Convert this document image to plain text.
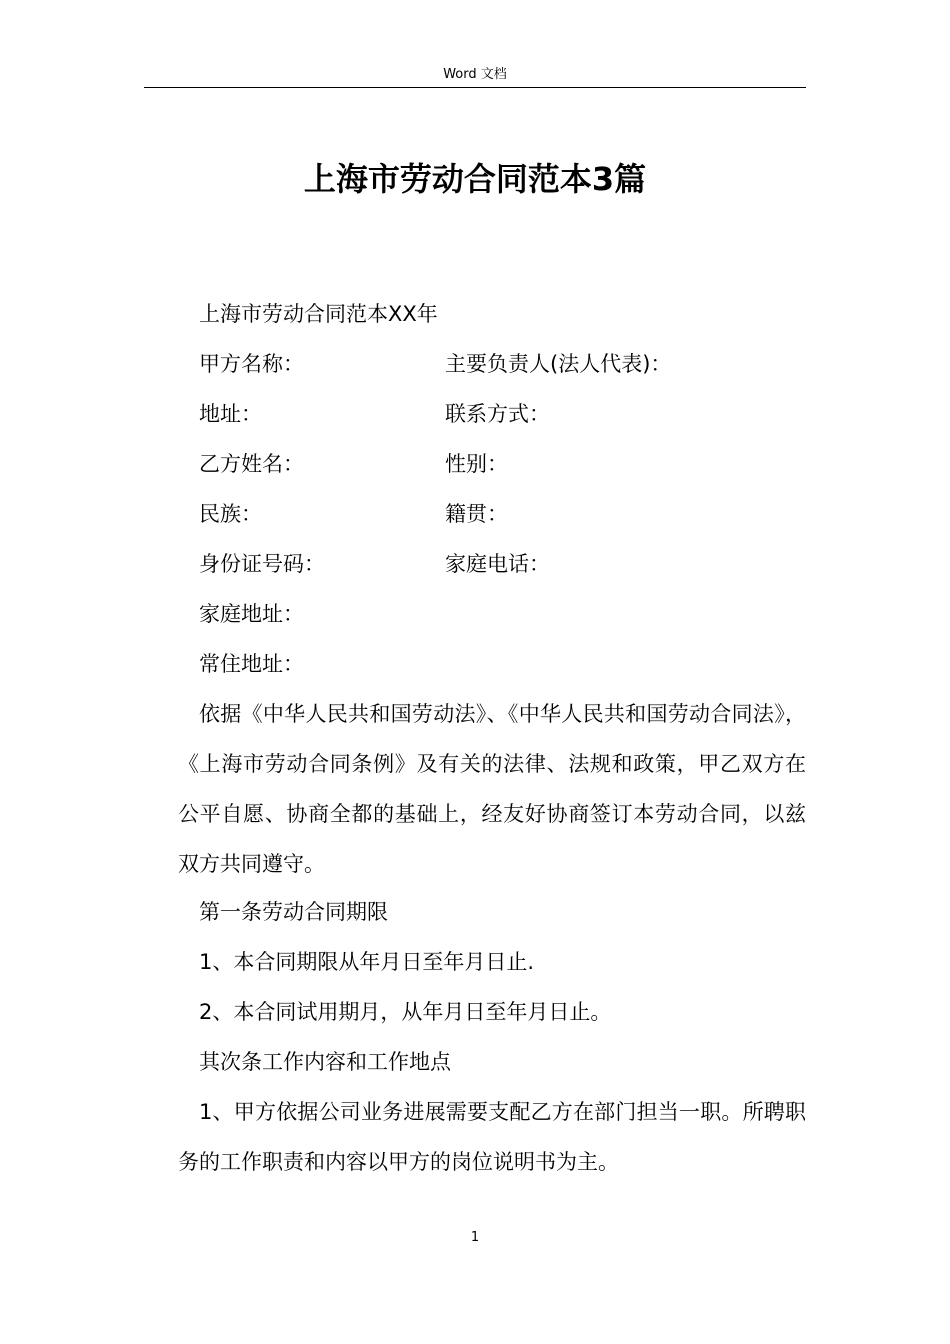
Word 文档
上海市劳动合同范本3篇
上海市劳动合同范本XX年
甲方名称：	主要负责人(法人代表)：
地址：	联系方式：
乙方姓名：	性别：
民族：	籍贯：
身份证号码：	家庭电话：
家庭地址：
常住地址：
依据《中华人民共和国劳动法》、《中华人民共和国劳动合同法》，《上海市劳动合同条例》及有关的法律、法规和政策，甲乙双方在公平自愿、协商全都的基础上，经友好协商签订本劳动合同，以兹双方共同遵守。
第一条劳动合同期限
1、本合同期限从年月日至年月日止.
2、本合同试用期月，从年月日至年月日止。
其次条工作内容和工作地点
1、甲方依据公司业务进展需要支配乙方在部门担当一职。所聘职务的工作职责和内容以甲方的岗位说明书为主。
1
